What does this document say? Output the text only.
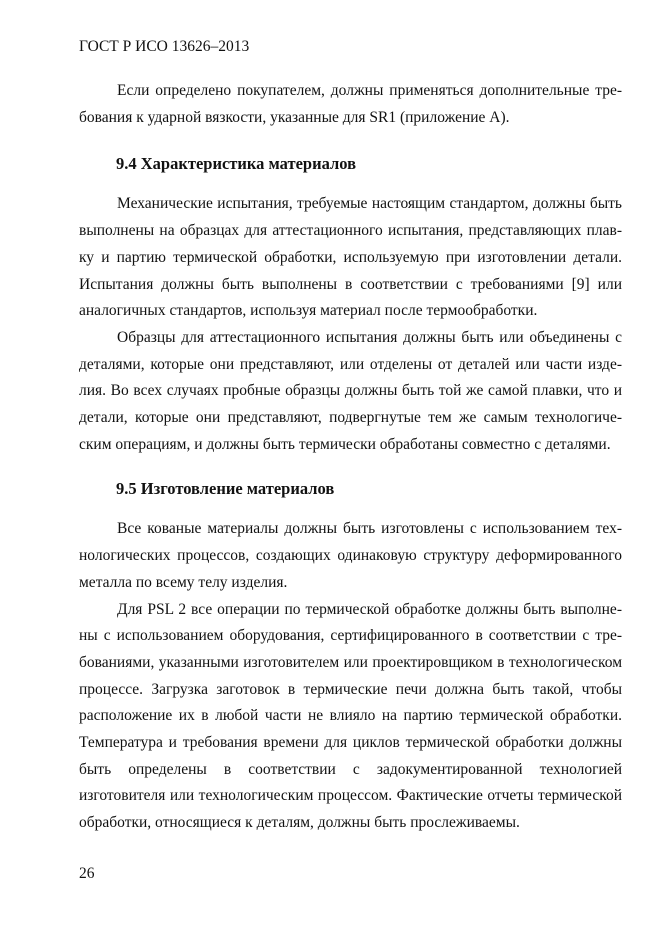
ГОСТ Р ИСО 13626–2013

Если определено покупателем, должны применяться дополнительные требования к ударной вязкости, указанные для SR1 (приложение А).

9.4 Характеристика материалов

Механические испытания, требуемые настоящим стандартом, должны быть выполнены на образцах для аттестационного испытания, представляющих плавку и партию термической обработки, используемую при изготовлении детали. Испытания должны быть выполнены в соответствии с требованиями [9] или аналогичных стандартов, используя материал после термообработки.

Образцы для аттестационного испытания должны быть или объединены с деталями, которые они представляют, или отделены от деталей или части изделия. Во всех случаях пробные образцы должны быть той же самой плавки, что и детали, которые они представляют, подвергнутые тем же самым технологическим операциям, и должны быть термически обработаны совместно с деталями.

9.5 Изготовление материалов

Все кованые материалы должны быть изготовлены с использованием технологических процессов, создающих одинаковую структуру деформированного металла по всему телу изделия.

Для PSL 2 все операции по термической обработке должны быть выполнены с использованием оборудования, сертифицированного в соответствии с требованиями, указанными изготовителем или проектировщиком в технологическом процессе. Загрузка заготовок в термические печи должна быть такой, чтобы расположение их в любой части не влияло на партию термической обработки. Температура и требования времени для циклов термической обработки должны быть определены в соответствии с задокументированной технологией изготовителя или технологическим процессом. Фактические отчеты термической обработки, относящиеся к деталям, должны быть прослеживаемы.

26
